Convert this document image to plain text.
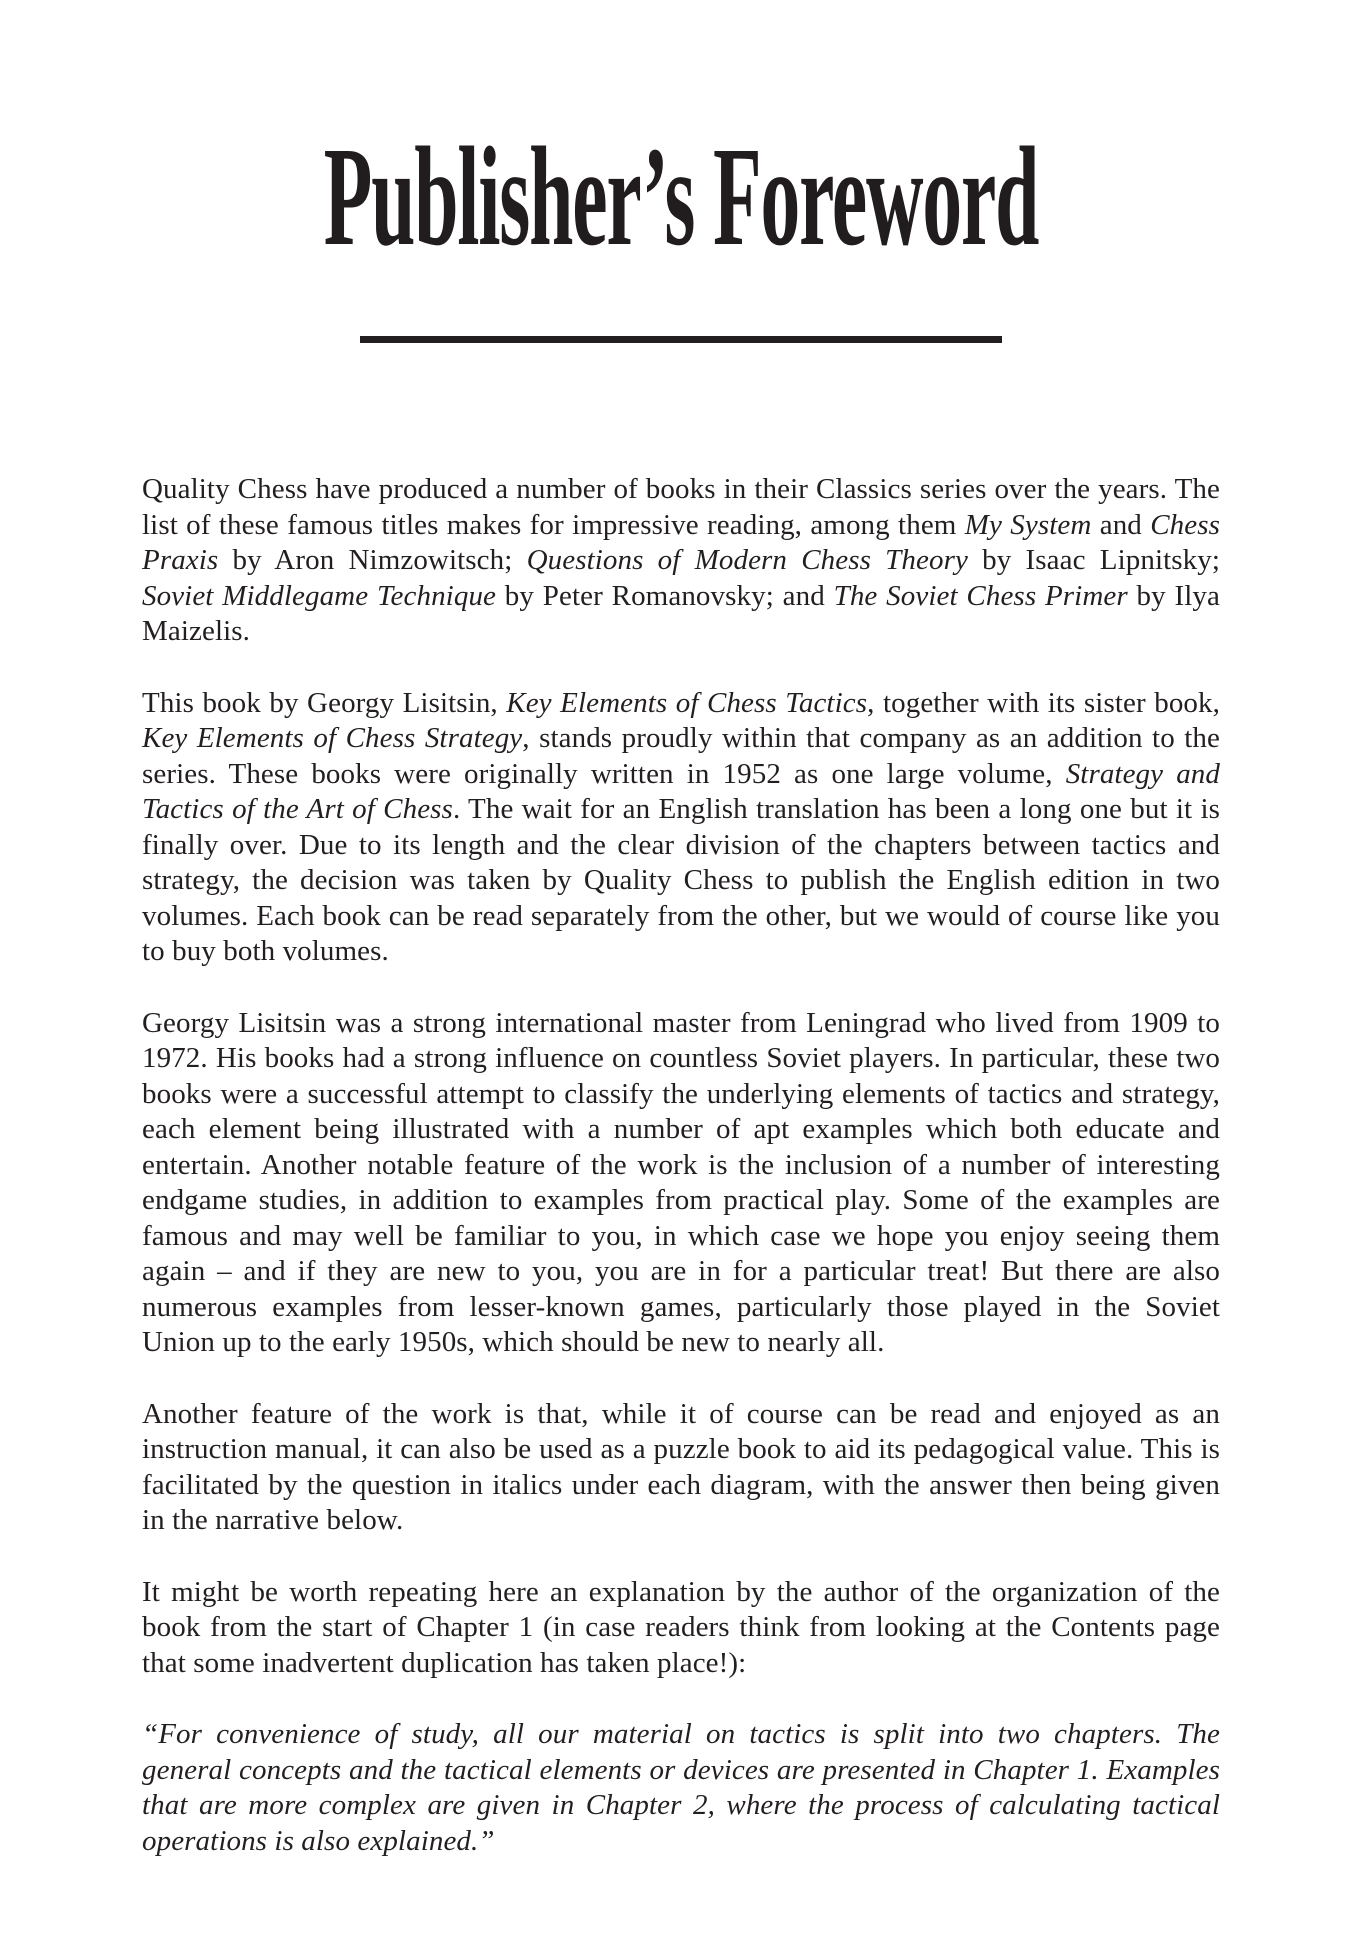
Publisher’s Foreword

Quality Chess have produced a number of books in their Classics series over the years. The list of these famous titles makes for impressive reading, among them My System and Chess Praxis by Aron Nimzowitsch; Questions of Modern Chess Theory by Isaac Lipnitsky; Soviet Middlegame Technique by Peter Romanovsky; and The Soviet Chess Primer by Ilya Maizelis.

This book by Georgy Lisitsin, Key Elements of Chess Tactics, together with its sister book, Key Elements of Chess Strategy, stands proudly within that company as an addition to the series. These books were originally written in 1952 as one large volume, Strategy and Tactics of the Art of Chess. The wait for an English translation has been a long one but it is finally over. Due to its length and the clear division of the chapters between tactics and strategy, the decision was taken by Quality Chess to publish the English edition in two volumes. Each book can be read separately from the other, but we would of course like you to buy both volumes.

Georgy Lisitsin was a strong international master from Leningrad who lived from 1909 to 1972. His books had a strong influence on countless Soviet players. In particular, these two books were a successful attempt to classify the underlying elements of tactics and strategy, each element being illustrated with a number of apt examples which both educate and entertain. Another notable feature of the work is the inclusion of a number of interesting endgame studies, in addition to examples from practical play. Some of the examples are famous and may well be familiar to you, in which case we hope you enjoy seeing them again – and if they are new to you, you are in for a particular treat! But there are also numerous examples from lesser-known games, particularly those played in the Soviet Union up to the early 1950s, which should be new to nearly all.

Another feature of the work is that, while it of course can be read and enjoyed as an instruction manual, it can also be used as a puzzle book to aid its pedagogical value. This is facilitated by the question in italics under each diagram, with the answer then being given in the narrative below.

It might be worth repeating here an explanation by the author of the organization of the book from the start of Chapter 1 (in case readers think from looking at the Contents page that some inadvertent duplication has taken place!):

“For convenience of study, all our material on tactics is split into two chapters. The general concepts and the tactical elements or devices are presented in Chapter 1. Examples that are more complex are given in Chapter 2, where the process of calculating tactical operations is also explained.”
